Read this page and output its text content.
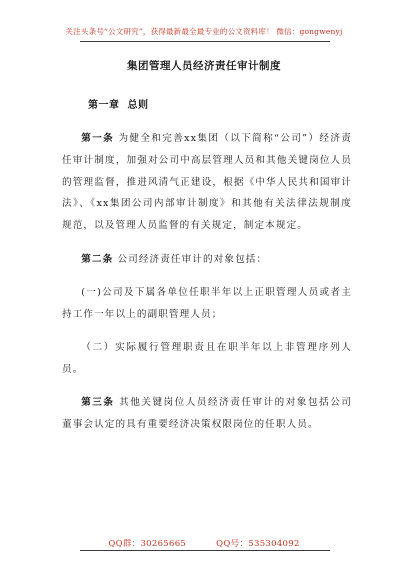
关注头条号“公文研究”，获得最新最全最专业的公文资料库！ 微信：gongwenyj
集团管理人员经济责任审计制度
第一章 总则

第一条 为健全和完善xx集团（以下简称“公司”）经济责任审计制度，加强对公司中高层管理人员和其他关键岗位人员的管理监督，推进风清气正建设，根据《中华人民共和国审计法》、《xx集团公司内部审计制度》和其他有关法律法规制度规范，以及管理人员监督的有关规定，制定本规定。

第二条 公司经济责任审计的对象包括：

(一)公司及下属各单位任职半年以上正职管理人员或者主持工作一年以上的副职管理人员；

（二）实际履行管理职责且在职半年以上非管理序列人员。

第三条 其他关键岗位人员经济责任审计的对象包括公司董事会认定的具有重要经济决策权限岗位的任职人员。

QQ群：30265665	QQ号：535304092
